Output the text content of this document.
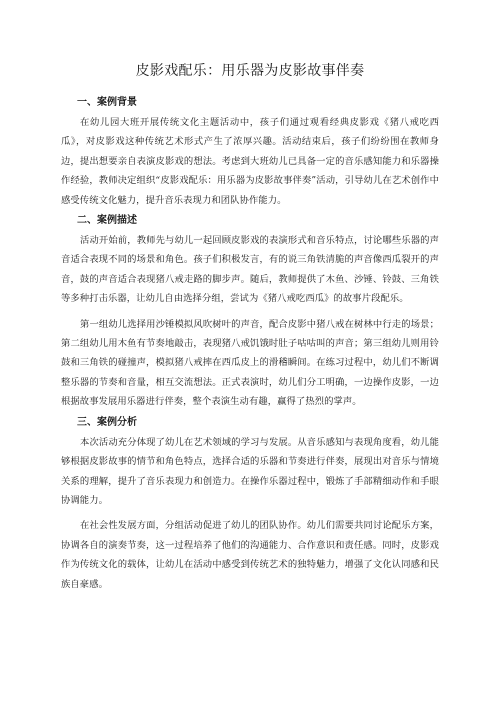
皮影戏配乐：用乐器为皮影故事伴奏
一、案例背景

在幼儿园大班开展传统文化主题活动中，孩子们通过观看经典皮影戏《猪八戒吃西瓜》，对皮影戏这种传统艺术形式产生了浓厚兴趣。活动结束后，孩子们纷纷围在教师身边，提出想要亲自表演皮影戏的想法。考虑到大班幼儿已具备一定的音乐感知能力和乐器操作经验，教师决定组织“皮影戏配乐：用乐器为皮影故事伴奏”活动，引导幼儿在艺术创作中感受传统文化魅力，提升音乐表现力和团队协作能力。

二、案例描述

活动开始前，教师先与幼儿一起回顾皮影戏的表演形式和音乐特点，讨论哪些乐器的声音适合表现不同的场景和角色。孩子们积极发言，有的说三角铁清脆的声音像西瓜裂开的声音，鼓的声音适合表现猪八戒走路的脚步声。随后，教师提供了木鱼、沙锤、铃鼓、三角铁等多种打击乐器，让幼儿自由选择分组，尝试为《猪八戒吃西瓜》的故事片段配乐。

第一组幼儿选择用沙锤模拟风吹树叶的声音，配合皮影中猪八戒在树林中行走的场景；第二组幼儿用木鱼有节奏地敲击，表现猪八戒饥饿时肚子咕咕叫的声音；第三组幼儿则用铃鼓和三角铁的碰撞声，模拟猪八戒摔在西瓜皮上的滑稽瞬间。在练习过程中，幼儿们不断调整乐器的节奏和音量，相互交流想法。正式表演时，幼儿们分工明确，一边操作皮影，一边根据故事发展用乐器进行伴奏，整个表演生动有趣，赢得了热烈的掌声。

三、案例分析

本次活动充分体现了幼儿在艺术领域的学习与发展。从音乐感知与表现角度看，幼儿能够根据皮影故事的情节和角色特点，选择合适的乐器和节奏进行伴奏，展现出对音乐与情境关系的理解，提升了音乐表现力和创造力。在操作乐器过程中，锻炼了手部精细动作和手眼协调能力。

在社会性发展方面，分组活动促进了幼儿的团队协作。幼儿们需要共同讨论配乐方案，协调各自的演奏节奏，这一过程培养了他们的沟通能力、合作意识和责任感。同时，皮影戏作为传统文化的载体，让幼儿在活动中感受到传统艺术的独特魅力，增强了文化认同感和民族自豪感。
